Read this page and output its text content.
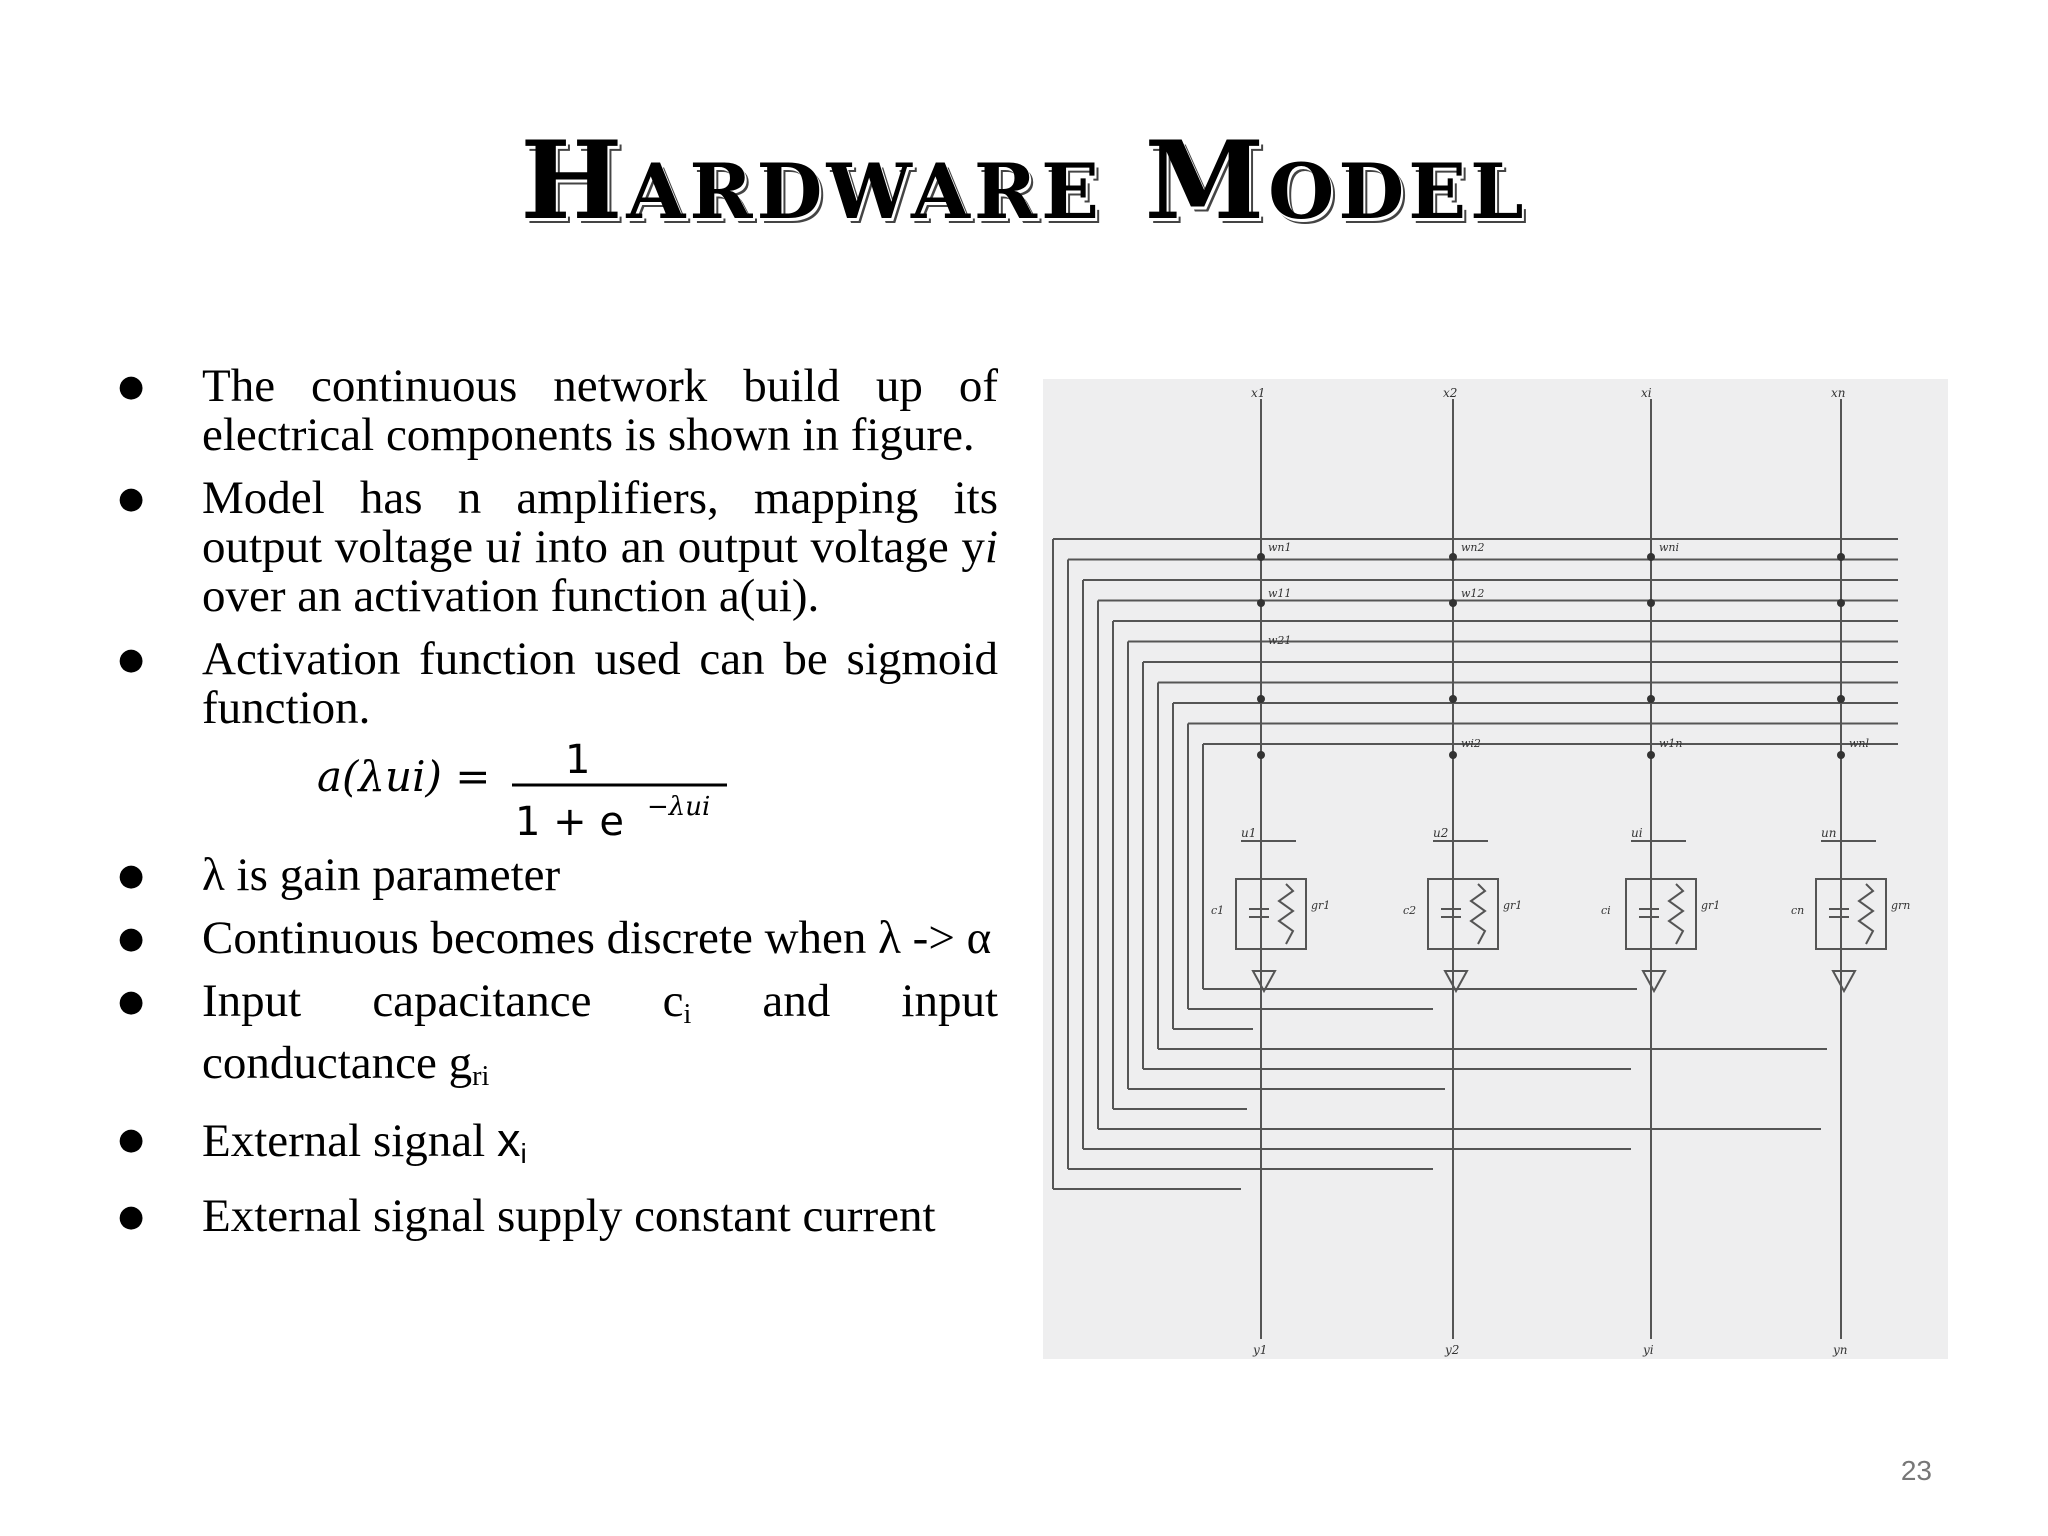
Hardware Model
● The continuous network build up of electrical components is shown in figure.
● Model has n amplifiers, mapping its output voltage ui into an output voltage yi over an activation function a(ui).
● Activation function used can be sigmoid function.
a(λui) = 1
1 + e −λui
● λ is gain parameter
● Continuous becomes discrete when λ -> α
● Input capacitance $c_i$ and input conductance $g_{ri}$
● External signal $x_i$
● External signal supply constant current
x1
y1
x2
y2
xi
yi
xn
yn
wn1	wn2	wni
w11	w12
w21
wi2	w1n	wnl
u1
c1	gr1
u2
c2	gr1
ui
ci	gr1
un
cn	grn
23
